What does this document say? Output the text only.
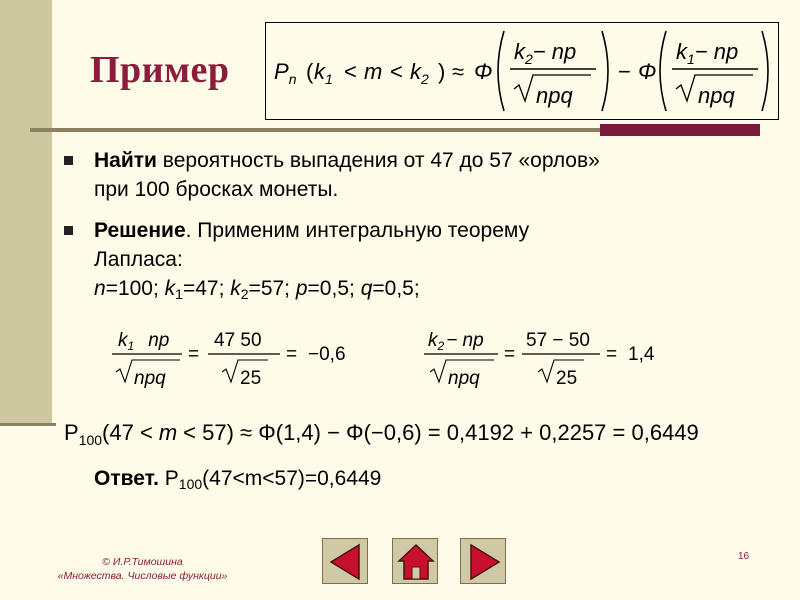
Пример $P_n$ ( $k_1 < m < k_2$ ) ≈ Φ
$k_2-$ np
npq
− Φ
$k_1-$ np
npq
Найти вероятность выпадения от 47 до 57 «орлов»
при 100 бросках монеты.
Решение. Применим интегральную теорему
Лапласа:
n=100; $k_1=47$; $k_2=57$; p=0,5; q=0,5;
$k_1$ np
npq
=
47 50
25
= −0,6
$k_2$ − np
npq
=
57 − 50
25
= 1,4
$P_{100}(47 < m < 57) \approx \Phi(1,4) - \Phi(-0,6) = 0,4192 + 0,2257 = 0,6449$
Ответ. $P_{100}(47<m<57)=0,6449$
© И.Р.Тимошина
«Множества. Числовые функции»
16
